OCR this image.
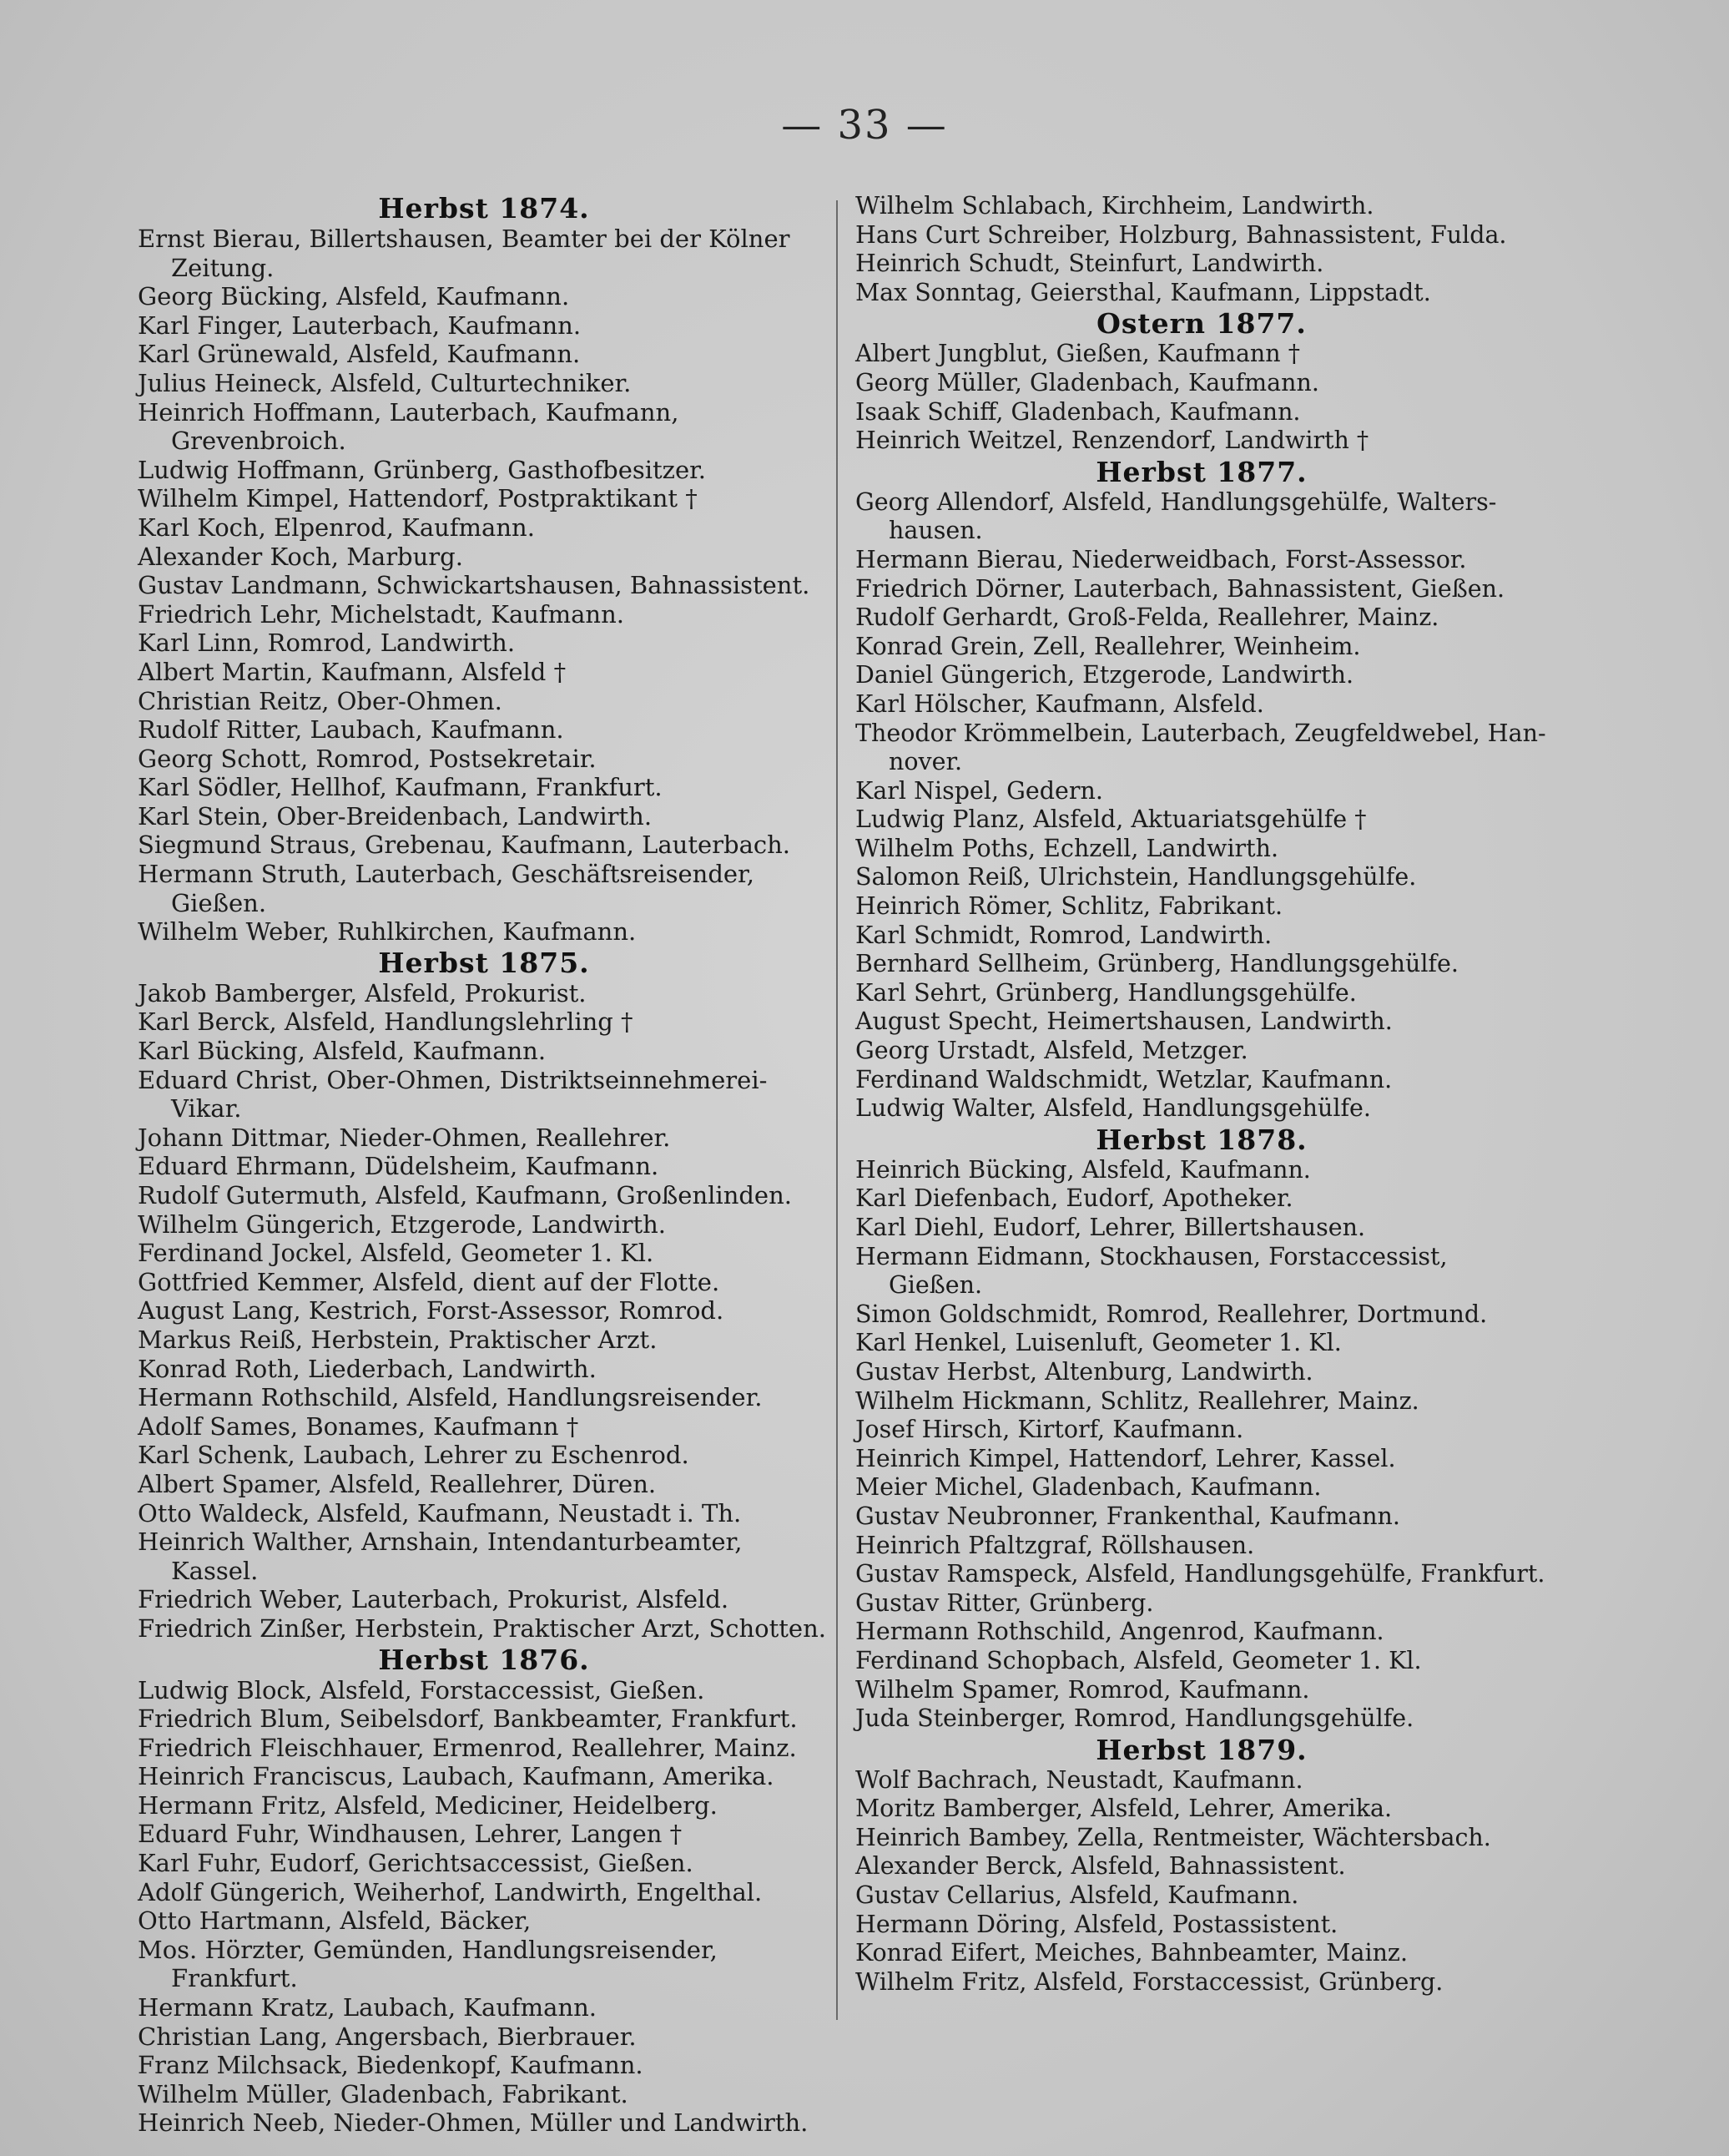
— 33 —
Herbst 1874.
Ernst Bierau, Billertshausen, Beamter bei der Kölner Zeitung.
Georg Bücking, Alsfeld, Kaufmann.
Karl Finger, Lauterbach, Kaufmann.
Karl Grünewald, Alsfeld, Kaufmann.
Julius Heineck, Alsfeld, Culturtechniker.
Heinrich Hoffmann, Lauterbach, Kaufmann, Grevenbroich.
Ludwig Hoffmann, Grünberg, Gasthofbesitzer.
Wilhelm Kimpel, Hattendorf, Postpraktikant †
Karl Koch, Elpenrod, Kaufmann.
Alexander Koch, Marburg.
Gustav Landmann, Schwickartshausen, Bahnassistent.
Friedrich Lehr, Michelstadt, Kaufmann.
Karl Linn, Romrod, Landwirth.
Albert Martin, Kaufmann, Alsfeld †
Christian Reitz, Ober-Ohmen.
Rudolf Ritter, Laubach, Kaufmann.
Georg Schott, Romrod, Postsekretair.
Karl Södler, Hellhof, Kaufmann, Frankfurt.
Karl Stein, Ober-Breidenbach, Landwirth.
Siegmund Straus, Grebenau, Kaufmann, Lauterbach.
Hermann Struth, Lauterbach, Geschäftsreisender, Gießen.
Wilhelm Weber, Ruhlkirchen, Kaufmann.
Herbst 1875.
Jakob Bamberger, Alsfeld, Prokurist.
Karl Berck, Alsfeld, Handlungslehrling †
Karl Bücking, Alsfeld, Kaufmann.
Eduard Christ, Ober-Ohmen, Distriktseinnehmerei-Vikar.
Johann Dittmar, Nieder-Ohmen, Reallehrer.
Eduard Ehrmann, Düdelsheim, Kaufmann.
Rudolf Gutermuth, Alsfeld, Kaufmann, Großenlinden.
Wilhelm Güngerich, Etzgerode, Landwirth.
Ferdinand Jockel, Alsfeld, Geometer 1. Kl.
Gottfried Kemmer, Alsfeld, dient auf der Flotte.
August Lang, Kestrich, Forst-Assessor, Romrod.
Markus Reiß, Herbstein, Praktischer Arzt.
Konrad Roth, Liederbach, Landwirth.
Hermann Rothschild, Alsfeld, Handlungsreisender.
Adolf Sames, Bonames, Kaufmann †
Karl Schenk, Laubach, Lehrer zu Eschenrod.
Albert Spamer, Alsfeld, Reallehrer, Düren.
Otto Waldeck, Alsfeld, Kaufmann, Neustadt i. Th.
Heinrich Walther, Arnshain, Intendanturbeamter, Kassel.
Friedrich Weber, Lauterbach, Prokurist, Alsfeld.
Friedrich Zinßer, Herbstein, Praktischer Arzt, Schotten.
Herbst 1876.
Ludwig Block, Alsfeld, Forstaccessist, Gießen.
Friedrich Blum, Seibelsdorf, Bankbeamter, Frankfurt.
Friedrich Fleischhauer, Ermenrod, Reallehrer, Mainz.
Heinrich Franciscus, Laubach, Kaufmann, Amerika.
Hermann Fritz, Alsfeld, Mediciner, Heidelberg.
Eduard Fuhr, Windhausen, Lehrer, Langen †
Karl Fuhr, Eudorf, Gerichtsaccessist, Gießen.
Adolf Güngerich, Weiherhof, Landwirth, Engelthal.
Otto Hartmann, Alsfeld, Bäcker,
Mos. Hörzter, Gemünden, Handlungsreisender, Frankfurt.
Hermann Kratz, Laubach, Kaufmann.
Christian Lang, Angersbach, Bierbrauer.
Franz Milchsack, Biedenkopf, Kaufmann.
Wilhelm Müller, Gladenbach, Fabrikant.
Heinrich Neeb, Nieder-Ohmen, Müller und Landwirth.
Wilhelm Schlabach, Kirchheim, Landwirth.
Hans Curt Schreiber, Holzburg, Bahnassistent, Fulda.
Heinrich Schudt, Steinfurt, Landwirth.
Max Sonntag, Geiersthal, Kaufmann, Lippstadt.
Ostern 1877.
Albert Jungblut, Gießen, Kaufmann †
Georg Müller, Gladenbach, Kaufmann.
Isaak Schiff, Gladenbach, Kaufmann.
Heinrich Weitzel, Renzendorf, Landwirth †
Herbst 1877.
Georg Allendorf, Alsfeld, Handlungsgehülfe, Walters-hausen.
Hermann Bierau, Niederweidbach, Forst-Assessor.
Friedrich Dörner, Lauterbach, Bahnassistent, Gießen.
Rudolf Gerhardt, Groß-Felda, Reallehrer, Mainz.
Konrad Grein, Zell, Reallehrer, Weinheim.
Daniel Güngerich, Etzgerode, Landwirth.
Karl Hölscher, Kaufmann, Alsfeld.
Theodor Krömmelbein, Lauterbach, Zeugfeldwebel, Han-nover.
Karl Nispel, Gedern.
Ludwig Planz, Alsfeld, Aktuariatsgehülfe †
Wilhelm Poths, Echzell, Landwirth.
Salomon Reiß, Ulrichstein, Handlungsgehülfe.
Heinrich Römer, Schlitz, Fabrikant.
Karl Schmidt, Romrod, Landwirth.
Bernhard Sellheim, Grünberg, Handlungsgehülfe.
Karl Sehrt, Grünberg, Handlungsgehülfe.
August Specht, Heimertshausen, Landwirth.
Georg Urstadt, Alsfeld, Metzger.
Ferdinand Waldschmidt, Wetzlar, Kaufmann.
Ludwig Walter, Alsfeld, Handlungsgehülfe.
Herbst 1878.
Heinrich Bücking, Alsfeld, Kaufmann.
Karl Diefenbach, Eudorf, Apotheker.
Karl Diehl, Eudorf, Lehrer, Billertshausen.
Hermann Eidmann, Stockhausen, Forstaccessist, Gießen.
Simon Goldschmidt, Romrod, Reallehrer, Dortmund.
Karl Henkel, Luisenluft, Geometer 1. Kl.
Gustav Herbst, Altenburg, Landwirth.
Wilhelm Hickmann, Schlitz, Reallehrer, Mainz.
Josef Hirsch, Kirtorf, Kaufmann.
Heinrich Kimpel, Hattendorf, Lehrer, Kassel.
Meier Michel, Gladenbach, Kaufmann.
Gustav Neubronner, Frankenthal, Kaufmann.
Heinrich Pfaltzgraf, Röllshausen.
Gustav Ramspeck, Alsfeld, Handlungsgehülfe, Frankfurt.
Gustav Ritter, Grünberg.
Hermann Rothschild, Angenrod, Kaufmann.
Ferdinand Schopbach, Alsfeld, Geometer 1. Kl.
Wilhelm Spamer, Romrod, Kaufmann.
Juda Steinberger, Romrod, Handlungsgehülfe.
Herbst 1879.
Wolf Bachrach, Neustadt, Kaufmann.
Moritz Bamberger, Alsfeld, Lehrer, Amerika.
Heinrich Bambey, Zella, Rentmeister, Wächtersbach.
Alexander Berck, Alsfeld, Bahnassistent.
Gustav Cellarius, Alsfeld, Kaufmann.
Hermann Döring, Alsfeld, Postassistent.
Konrad Eifert, Meiches, Bahnbeamter, Mainz.
Wilhelm Fritz, Alsfeld, Forstaccessist, Grünberg.
